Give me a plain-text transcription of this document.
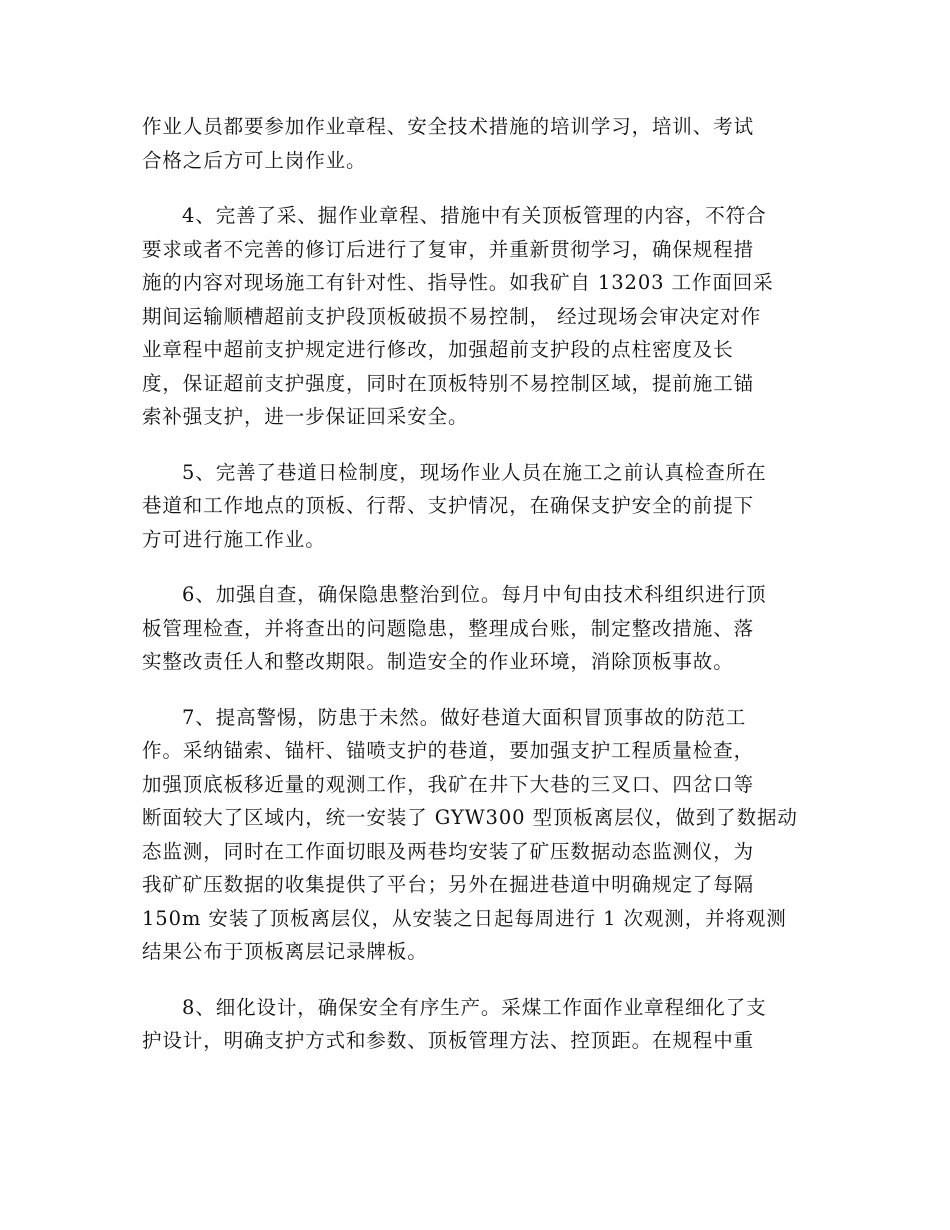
作业人员都要参加作业章程、安全技术措施的培训学习，培训、考试
合格之后方可上岗作业。

4、完善了采、掘作业章程、措施中有关顶板管理的内容，不符合
要求或者不完善的修订后进行了复审，并重新贯彻学习，确保规程措
施的内容对现场施工有针对性、指导性。如我矿自 13203 工作面回采
期间运输顺槽超前支护段顶板破损不易控制， 经过现场会审决定对作
业章程中超前支护规定进行修改，加强超前支护段的点柱密度及长
度，保证超前支护强度，同时在顶板特别不易控制区域，提前施工锚
索补强支护，进一步保证回采安全。

5、完善了巷道日检制度，现场作业人员在施工之前认真检查所在
巷道和工作地点的顶板、行帮、支护情况，在确保支护安全的前提下
方可进行施工作业。

6、加强自查，确保隐患整治到位。每月中旬由技术科组织进行顶
板管理检查，并将查出的问题隐患，整理成台账，制定整改措施、落
实整改责任人和整改期限。制造安全的作业环境，消除顶板事故。

7、提高警惕，防患于未然。做好巷道大面积冒顶事故的防范工
作。采纳锚索、锚杆、锚喷支护的巷道，要加强支护工程质量检查，
加强顶底板移近量的观测工作，我矿在井下大巷的三叉口、四岔口等
断面较大了区域内，统一安装了 GYW300 型顶板离层仪，做到了数据动
态监测，同时在工作面切眼及两巷均安装了矿压数据动态监测仪，为
我矿矿压数据的收集提供了平台；另外在掘进巷道中明确规定了每隔
150m 安装了顶板离层仪，从安装之日起每周进行 1 次观测，并将观测
结果公布于顶板离层记录牌板。

8、细化设计，确保安全有序生产。采煤工作面作业章程细化了支
护设计，明确支护方式和参数、顶板管理方法、控顶距。在规程中重
